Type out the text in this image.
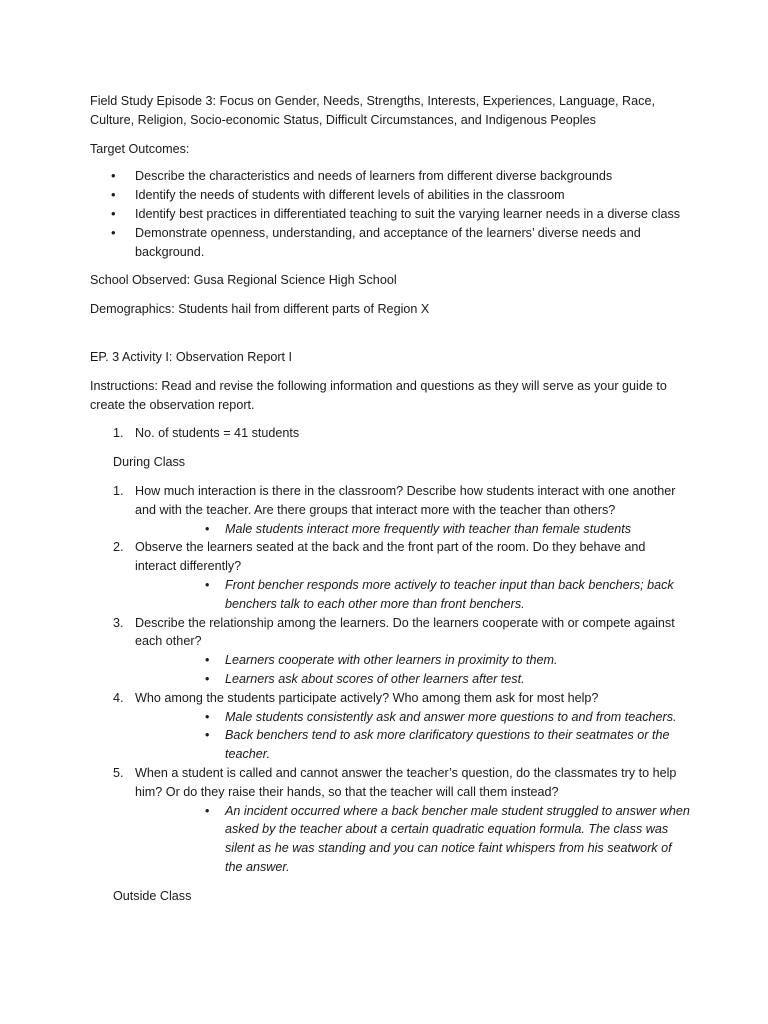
Field Study Episode 3: Focus on Gender, Needs, Strengths, Interests, Experiences, Language, Race, Culture, Religion, Socio-economic Status, Difficult Circumstances, and Indigenous Peoples

Target Outcomes:

• Describe the characteristics and needs of learners from different diverse backgrounds
• Identify the needs of students with different levels of abilities in the classroom
• Identify best practices in differentiated teaching to suit the varying learner needs in a diverse class
• Demonstrate openness, understanding, and acceptance of the learners’ diverse needs and background.

School Observed: Gusa Regional Science High School

Demographics: Students hail from different parts of Region X

EP. 3 Activity I: Observation Report I

Instructions: Read and revise the following information and questions as they will serve as your guide to create the observation report.

1. No. of students = 41 students

During Class

1. How much interaction is there in the classroom? Describe how students interact with one another and with the teacher. Are there groups that interact more with the teacher than others?
• Male students interact more frequently with teacher than female students
2. Observe the learners seated at the back and the front part of the room. Do they behave and interact differently?
• Front bencher responds more actively to teacher input than back benchers; back benchers talk to each other more than front benchers.
3. Describe the relationship among the learners. Do the learners cooperate with or compete against each other?
• Learners cooperate with other learners in proximity to them.
• Learners ask about scores of other learners after test.
4. Who among the students participate actively? Who among them ask for most help?
• Male students consistently ask and answer more questions to and from teachers.
• Back benchers tend to ask more clarificatory questions to their seatmates or the teacher.
5. When a student is called and cannot answer the teacher’s question, do the classmates try to help him? Or do they raise their hands, so that the teacher will call them instead?
• An incident occurred where a back bencher male student struggled to answer when asked by the teacher about a certain quadratic equation formula. The class was silent as he was standing and you can notice faint whispers from his seatwork of the answer.

Outside Class
